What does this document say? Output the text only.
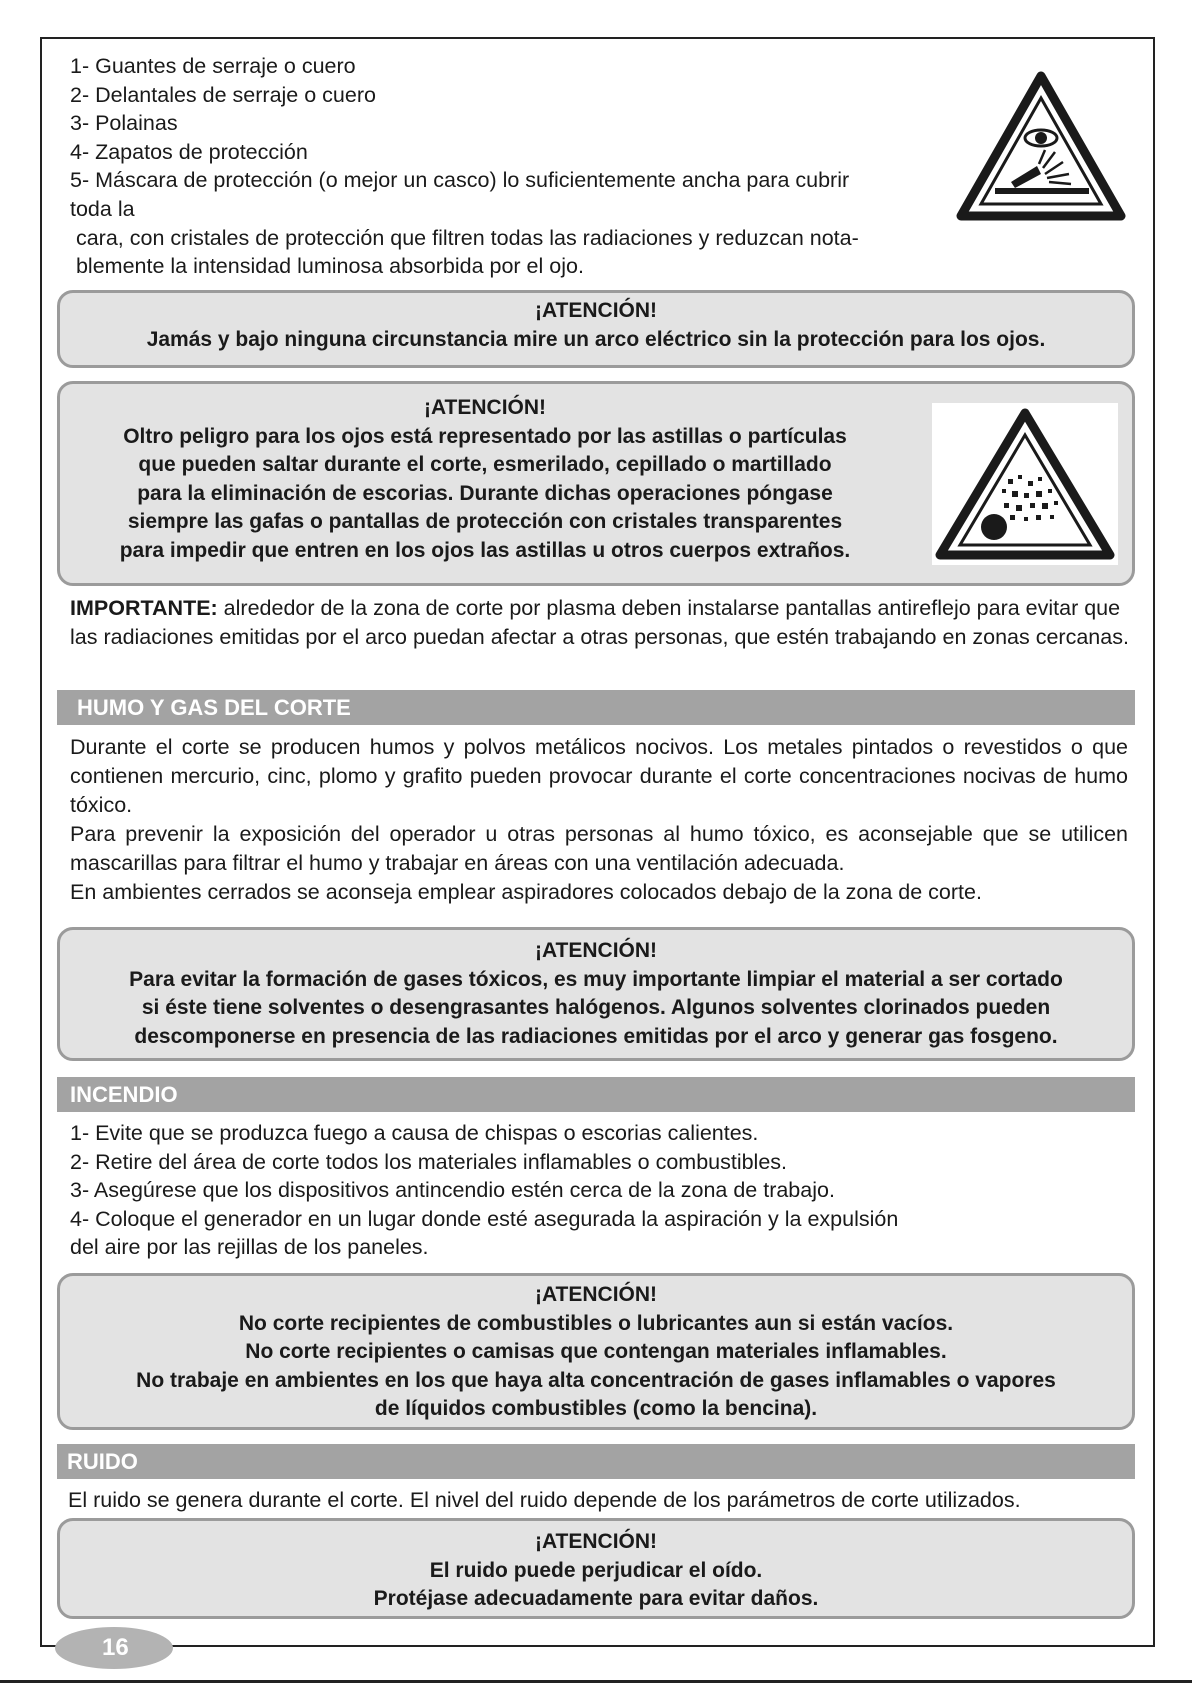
1- Guantes de serraje o cuero
2- Delantales de serraje o cuero
3- Polainas
4- Zapatos de protección
5- Máscara de protección (o mejor un casco) lo suficientemente ancha para cubrir
toda la
cara, con cristales de protección que filtren todas las radiaciones y reduzcan nota-
blemente la intensidad luminosa absorbida por el ojo.
¡ATENCIÓN!
Jamás y bajo ninguna circunstancia mire un arco eléctrico sin la protección para los ojos.
¡ATENCIÓN!
Oltro peligro para los ojos está representado por las astillas o partículas
que pueden saltar durante el corte, esmerilado, cepillado o martillado
para la eliminación de escorias. Durante dichas operaciones póngase
siempre las gafas o pantallas de protección con cristales transparentes
para impedir que entren en los ojos las astillas u otros cuerpos extraños.
IMPORTANTE: alrededor de la zona de corte por plasma deben instalarse pantallas antireflejo para evitar que las radiaciones emitidas por el arco puedan afectar a otras personas, que estén trabajando en zonas cercanas.
HUMO Y GAS DEL CORTE
Durante el corte se producen humos y polvos metálicos nocivos. Los metales pintados o revestidos o que contienen mercurio, cinc, plomo y grafito pueden provocar durante el corte concentraciones nocivas de humo tóxico.
Para prevenir la exposición del operador u otras personas al humo tóxico, es aconsejable que se utilicen mascarillas para filtrar el humo y trabajar en áreas con una ventilación adecuada.
En ambientes cerrados se aconseja emplear aspiradores colocados debajo de la zona de corte.
¡ATENCIÓN!
Para evitar la formación de gases tóxicos, es muy importante limpiar el material a ser cortado
si éste tiene solventes o desengrasantes halógenos. Algunos solventes clorinados pueden
descomponerse en presencia de las radiaciones emitidas por el arco y generar gas fosgeno.
INCENDIO
1- Evite que se produzca fuego a causa de chispas o escorias calientes.
2- Retire del área de corte todos los materiales inflamables o combustibles.
3- Asegúrese que los dispositivos antincendio estén cerca de la zona de trabajo.
4- Coloque el generador en un lugar donde esté asegurada la aspiración y la expulsión
del aire por las rejillas de los paneles.
¡ATENCIÓN!
No corte recipientes de combustibles o lubricantes aun si están vacíos.
No corte recipientes o camisas que contengan materiales inflamables.
No trabaje en ambientes en los que haya alta concentración de gases inflamables o vapores
de líquidos combustibles (como la bencina).
RUIDO
El ruido se genera durante el corte. El nivel del ruido depende de los parámetros de corte utilizados.
¡ATENCIÓN!
El ruido puede perjudicar el oído.
Protéjase adecuadamente para evitar daños.
16
